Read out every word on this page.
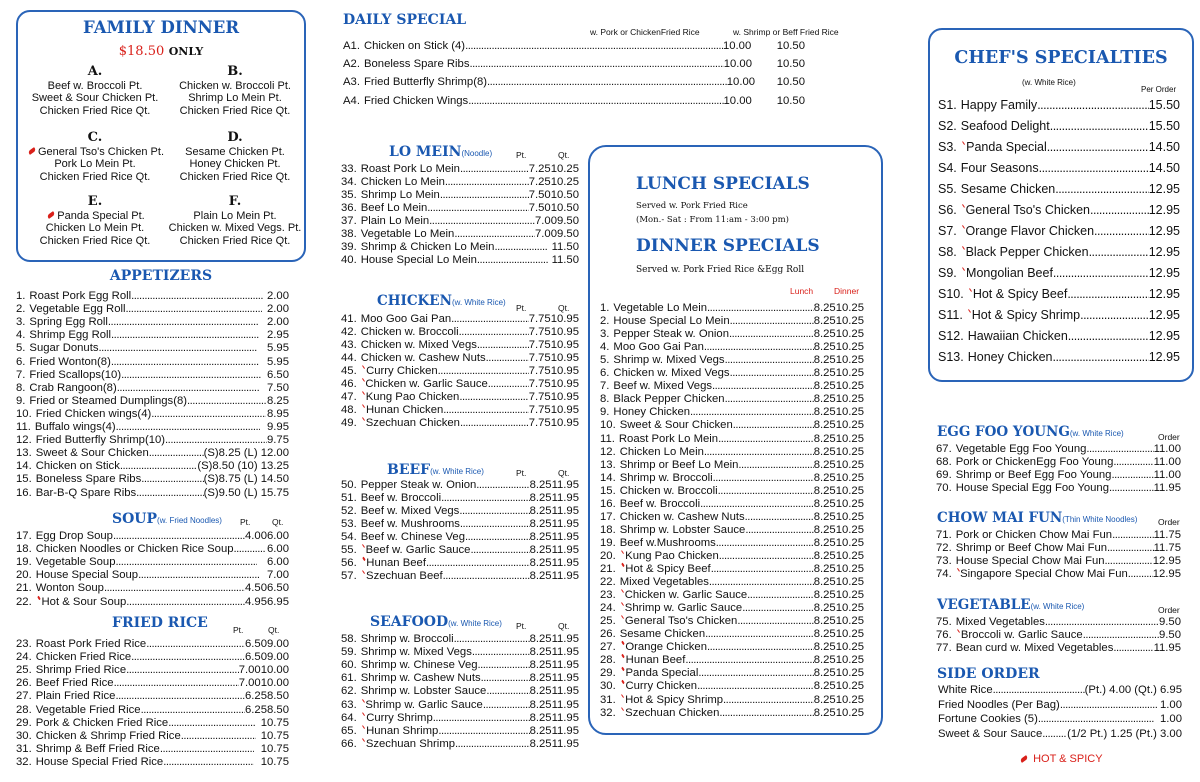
FAMILY DINNER
$18.50 ONLY
A.
Beef w. Broccoli Pt.
Sweet & Sour Chicken Pt.
Chicken Fried Rice Qt.
B.
Chicken w. Broccoli Pt.
Shrimp Lo Mein Pt.
Chicken Fried Rice Qt.
C.
General Tso's Chicken Pt.
Pork Lo Mein Pt.
Chicken Fried Rice Qt.
D.
Sesame Chicken Pt.
Honey Chicken Pt.
Chicken Fried Rice Qt.
E.
Panda Special Pt.
Chicken Lo Mein Pt.
Chicken Fried Rice Qt.
F.
Plain Lo Mein Pt.
Chicken w. Mixed Vegs. Pt.
Chicken Fried Rice Qt.
APPETIZERS
1. Roast Pork Egg Roll .....	2.00
2. Vegetable Egg Roll .....	2.00
3. Spring Egg Roll .....	2.00
4. Shrimp Egg Roll .....	2.95
5. Sugar Donuts .....	5.95
6. Fried Wonton(8) .....	5.95
7. Fried Scallops(10) .....	6.50
8. Crab Rangoon(8) .....	7.50
9. Fried or Steamed Dumplings(8) .....	8.25
10. Fried Chicken wings(4) .....	8.95
11. Buffalo wings(4) .....	9.95
12. Fried Butterfly Shrimp(10) .....	9.75
13. Sweet & Sour Chicken .....	(S)8.25 (L) 12.00
14. Chicken on Stick .....	(S)8.50 (10) 13.25
15. Boneless Spare Ribs .....	(S)8.75 (L) 14.50
16. Bar-B-Q Spare Ribs .....	(S)9.50 (L) 15.75
SOUP(w. Fried Noodles) Pt.	Qt.
17. Egg Drop Soup .....	4.00 6.00
18. Chicken Noodles or Chicken Rice Soup .....	6.00
19. Vegetable Soup .....	6.00
20. House Special Soup .....	7.00
21. Wonton Soup .....	4.50 6.50
22. Hot & Sour Soup .....	4.95 6.95
FRIED RICE	Pt.	Qt.
23. Roast Pork Fried Rice .....	6.50 9.00
24. Chicken Fried Rice .....	6.50 9.00
25. Shrimp Fried Rice .....	7.00 10.00
26. Beef Fried Rice .....	7.00 10.00
27. Plain Fried Rice .....	6.25 8.50
28. Vegetable Fried Rice .....	6.25 8.50
29. Pork & Chicken Fried Rice .....	10.75
30. Chicken & Shrimp Fried Rice .....	10.75
31. Shrimp & Beff Fried Rice .....	10.75
32. House Special Fried Rice .....	10.75
DAILY SPECIAL
w. Pork or ChickenFried Rice	w. Shrimp or Beff Fried Rice
A1. Chicken on Stick (4) .....	10.00	10.50
A2. Boneless Spare Ribs .....	10.00	10.50
A3. Fried Butterfly Shrimp(8) .....	10.00	10.50
A4. Fried Chicken Wings .....	10.00	10.50
LO MEIN(Noodle)	Pt.	Qt.
33. Roast Pork Lo Mein .....	7.25 10.25
34. Chicken Lo Mein .....	7.25 10.25
35. Shrimp Lo Mein .....	7.50 10.50
36. Beef Lo Mein .....	7.50 10.50
37. Plain Lo Mein .....	7.00 9.50
38. Vegetable Lo Mein .....	7.00 9.50
39. Shrimp & Chicken Lo Mein .....	11.50
40. House Special Lo Mein .....	11.50
CHICKEN(w. White Rice)
Pt.	Qt.
41. Moo Goo Gai Pan .....	7.75 10.95
42. Chicken w. Broccoli .....	7.75 10.95
43. Chicken w. Mixed Vegs .....	7.75 10.95
44. Chicken w. Cashew Nuts .....	7.75 10.95
45. Curry Chicken .....	7.75 10.95
46. Chicken w. Garlic Sauce .....	7.75 10.95
47. Kung Pao Chicken .....	7.75 10.95
48. Hunan Chicken .....	7.75 10.95
49. Szechuan Chicken .....	7.75 10.95
BEEF(w. White Rice)	Pt.	Qt.
50. Pepper Steak w. Onion .....	8.25 11.95
51. Beef w. Broccoli .....	8.25 11.95
52. Beef w. Mixed Vegs .....	8.25 11.95
53. Beef w. Mushrooms .....	8.25 11.95
54. Beef w. Chinese Veg .....	8.25 11.95
55. Beef w. Garlic Sauce .....	8.25 11.95
56. Hunan Beef .....	8.25 11.95
57. Szechuan Beef .....	8.25 11.95
SEAFOOD(w. White Rice) Pt.	Qt.
58. Shrimp w. Broccoli .....	8.25 11.95
59. Shrimp w. Mixed Vegs .....	8.25 11.95
60. Shrimp w. Chinese Veg .....	8.25 11.95
61. Shrimp w. Cashew Nuts .....	8.25 11.95
62. Shrimp w. Lobster Sauce .....	8.25 11.95
63. Shrimp w. Garlic Sauce .....	8.25 11.95
64. Curry Shrimp .....	8.25 11.95
65. Hunan Shrimp .....	8.25 11.95
66. Szechuan Shrimp .....	8.25 11.95
LUNCH SPECIALS
Served w. Pork Fried Rice
(Mon.- Sat : From 11:am - 3:00 pm)
DINNER SPECIALS
Served w. Pork Fried Rice &Egg Roll
Lunch Dinner
1. Vegetable Lo Mein .....	8.25 10.25
2. House Special Lo Mein .....	8.25 10.25
3. Pepper Steak w. Onion .....	8.25 10.25
4. Moo Goo Gai Pan .....	8.25 10.25
5. Shrimp w. Mixed Vegs .....	8.25 10.25
6. Chicken w. Mixed Vegs .....	8.25 10.25
7. Beef w. Mixed Vegs .....	8.25 10.25
8. Black Pepper Chicken .....	8.25 10.25
9. Honey Chicken .....	8.25 10.25
10. Sweet & Sour Chicken .....	8.25 10.25
11. Roast Pork Lo Mein .....	8.25 10.25
12. Chicken Lo Mein .....	8.25 10.25
13. Shrimp or Beef Lo Mein .....	8.25 10.25
14. Shrimp w. Broccoli .....	8.25 10.25
15. Chicken w. Broccoli .....	8.25 10.25
16. Beef w. Broccoli .....	8.25 10.25
17. Chicken w. Cashew Nuts .....	8.25 10.25
18. Shrimp w. Lobster Sauce .....	8.25 10.25
19. Beef w.Mushrooms .....	8.25 10.25
20. Kung Pao Chicken .....	8.25 10.25
21. Hot & Spicy Beef .....	8.25 10.25
22. Mixed Vegetables .....	8.25 10.25
23. Chicken w. Garlic Sauce .....	8.25 10.25
24. Shrimp w. Garlic Sauce .....	8.25 10.25
25. General Tso's Chicken .....	8.25 10.25
26. Sesame Chicken .....	8.25 10.25
27. Orange Chicken .....	8.25 10.25
28. Hunan Beef .....	8.25 10.25
29. Panda Special .....	8.25 10.25
30. Curry Chicken .....	8.25 10.25
31. Hot & Spicy Shrimp .....	8.25 10.25
32. Szechuan Chicken .....	8.25 10.25
CHEF'S SPECIALTIES
(w. White Rice)
Per Order
S1. Happy Family .....	15.50
S2. Seafood Delight .....	15.50
S3. Panda Special .....	14.50
S4. Four Seasons .....	14.50
S5. Sesame Chicken .....	12.95
S6. General Tso's Chicken .....	12.95
S7. Orange Flavor Chicken .....	12.95
S8. Black Pepper Chicken .....	12.95
S9. Mongolian Beef .....	12.95
S10. Hot & Spicy Beef .....	12.95
S11. Hot & Spicy Shrimp .....	12.95
S12. Hawaiian Chicken .....	12.95
S13. Honey Chicken .....	12.95
EGG FOO YOUNG(w. White Rice)	Order
67. Vegetable Egg Foo Young .....	11.00
68. Pork or ChickenEgg Foo Young .....	11.00
69. Shrimp or Beef Egg Foo Young .....	11.00
70. House Special Egg Foo Young .....	11.95
CHOW MAI FUN(Thin White Noodles) Order
71. Pork or Chicken Chow Mai Fun .....	11.75
72. Shrimp or Beef Chow Mai Fun .....	11.75
73. House Special Chow Mai Fun .....	12.95
74. Singapore Special Chow Mai Fun ..... 12.95
VEGETABLE(w. White Rice)	Order
75. Mixed Vegetables .....	9.50
76. Broccoli w. Garlic Sauce .....	9.50
77. Bean curd w. Mixed Vegetables .....	11.95
SIDE ORDER
White Rice .....	(Pt.) 4.00 (Qt.) 6.95
Fried Noodles (Per Bag) .....	1.00
Fortune Cookies (5) .....	1.00
Sweet & Sour Sauce ..... (1/2 Pt.) 1.25 (Pt.) 3.00
HOT & SPICY
